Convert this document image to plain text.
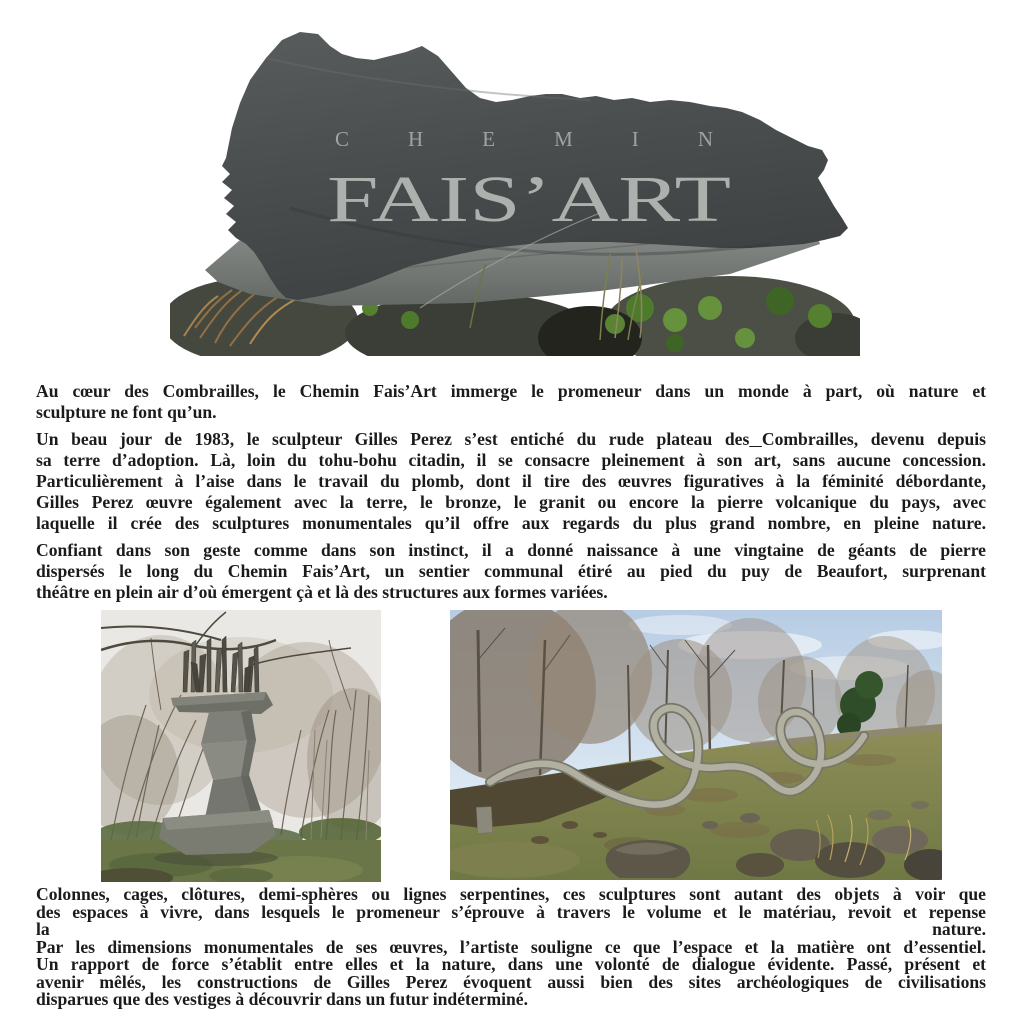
CHEMIN
FAIS’ART
Au cœur des Combrailles, le Chemin Fais’Art immerge le promeneur dans un monde à part, où nature et
sculpture ne font qu’un.
Un beau jour de 1983, le sculpteur Gilles Perez s’est entiché du rude plateau des Combrailles, devenu depuis
sa terre d’adoption. Là, loin du tohu-bohu citadin, il se consacre pleinement à son art, sans aucune concession.
Particulièrement à l’aise dans le travail du plomb, dont il tire des œuvres figuratives à la féminité débordante,
Gilles Perez œuvre également avec la terre, le bronze, le granit ou encore la pierre volcanique du pays, avec
laquelle il crée des sculptures monumentales qu’il offre aux regards du plus grand nombre, en pleine nature.
Confiant dans son geste comme dans son instinct, il a donné naissance à une vingtaine de géants de pierre
dispersés le long du Chemin Fais’Art, un sentier communal étiré au pied du puy de Beaufort, surprenant
théâtre en plein air d’où émergent çà et là des structures aux formes variées.
Colonnes, cages, clôtures, demi-sphères ou lignes serpentines, ces sculptures sont autant des objets à voir que
des espaces à vivre, dans lesquels le promeneur s’éprouve à travers le volume et le matériau, revoit et repense
la nature.
Par les dimensions monumentales de ses œuvres, l’artiste souligne ce que l’espace et la matière ont d’essentiel.
Un rapport de force s’établit entre elles et la nature, dans une volonté de dialogue évidente. Passé, présent et
avenir mêlés, les constructions de Gilles Perez évoquent aussi bien des sites archéologiques de civilisations
disparues que des vestiges à découvrir dans un futur indéterminé.
